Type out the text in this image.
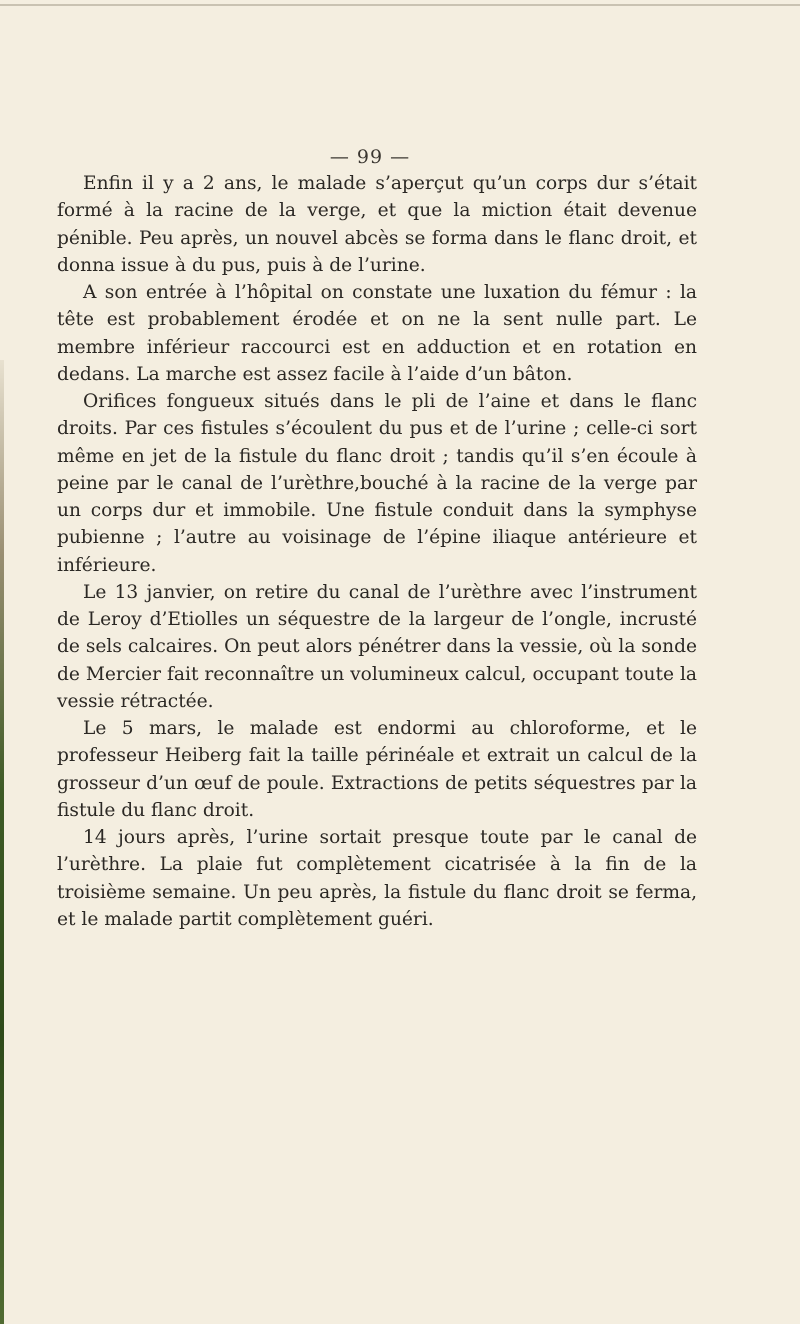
— 99 —

Enfin il y a 2 ans, le malade s’aperçut qu’un corps dur s’était formé à la racine de la verge, et que la miction était devenue pénible. Peu après, un nouvel abcès se forma dans le flanc droit, et donna issue à du pus, puis à de l’urine.

A son entrée à l’hôpital on constate une luxation du fémur : la tête est probablement érodée et on ne la sent nulle part. Le membre inférieur raccourci est en adduction et en rotation en dedans. La marche est assez facile à l’aide d’un bâton.

Orifices fongueux situés dans le pli de l’aine et dans le flanc droits. Par ces fistules s’écoulent du pus et de l’urine ; celle-ci sort même en jet de la fistule du flanc droit ; tandis qu’il s’en écoule à peine par le canal de l’urèthre,bouché à la racine de la verge par un corps dur et immobile. Une fistule conduit dans la symphyse pubienne ; l’autre au voisinage de l’épine iliaque antérieure et inférieure.

Le 13 janvier, on retire du canal de l’urèthre avec l’instrument de Leroy d’Etiolles un séquestre de la largeur de l’ongle, incrusté de sels calcaires. On peut alors pénétrer dans la vessie, où la sonde de Mercier fait reconnaître un volumineux calcul, occupant toute la vessie rétractée.

Le 5 mars, le malade est endormi au chloroforme, et le professeur Heiberg fait la taille périnéale et extrait un calcul de la grosseur d’un œuf de poule. Extractions de petits séquestres par la fistule du flanc droit.

14 jours après, l’urine sortait presque toute par le canal de l’urèthre. La plaie fut complètement cicatrisée à la fin de la troisième semaine. Un peu après, la fistule du flanc droit se ferma, et le malade partit complètement guéri.
